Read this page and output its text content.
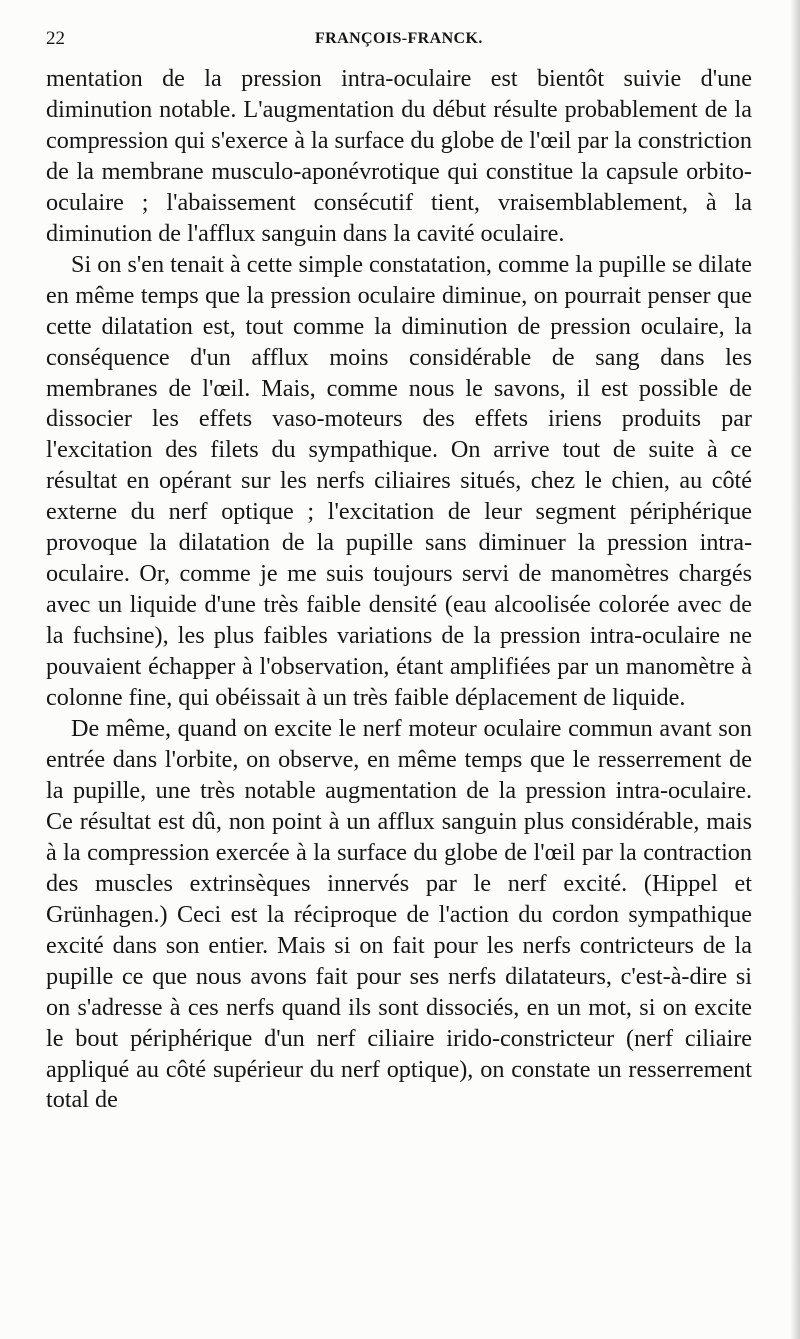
22	FRANÇOIS-FRANCK.

mentation de la pression intra-oculaire est bientôt suivie d'une diminution notable. L'augmentation du début résulte probablement de la compression qui s'exerce à la surface du globe de l'œil par la constriction de la membrane musculo-aponévrotique qui constitue la capsule orbito-oculaire ; l'abaissement consécutif tient, vraisemblablement, à la diminution de l'afflux sanguin dans la cavité oculaire.

Si on s'en tenait à cette simple constatation, comme la pupille se dilate en même temps que la pression oculaire diminue, on pourrait penser que cette dilatation est, tout comme la diminution de pression oculaire, la conséquence d'un afflux moins considérable de sang dans les membranes de l'œil. Mais, comme nous le savons, il est possible de dissocier les effets vaso-moteurs des effets iriens produits par l'excitation des filets du sympathique. On arrive tout de suite à ce résultat en opérant sur les nerfs ciliaires situés, chez le chien, au côté externe du nerf optique ; l'excitation de leur segment périphérique provoque la dilatation de la pupille sans diminuer la pression intra-oculaire. Or, comme je me suis toujours servi de manomètres chargés avec un liquide d'une très faible densité (eau alcoolisée colorée avec de la fuchsine), les plus faibles variations de la pression intra-oculaire ne pouvaient échapper à l'observation, étant amplifiées par un manomètre à colonne fine, qui obéissait à un très faible déplacement de liquide.

De même, quand on excite le nerf moteur oculaire commun avant son entrée dans l'orbite, on observe, en même temps que le resserrement de la pupille, une très notable augmentation de la pression intra-oculaire. Ce résultat est dû, non point à un afflux sanguin plus considérable, mais à la compression exercée à la surface du globe de l'œil par la contraction des muscles extrinsèques innervés par le nerf excité. (Hippel et Grünhagen.) Ceci est la réciproque de l'action du cordon sympathique excité dans son entier. Mais si on fait pour les nerfs contricteurs de la pupille ce que nous avons fait pour ses nerfs dilatateurs, c'est-à-dire si on s'adresse à ces nerfs quand ils sont dissociés, en un mot, si on excite le bout périphérique d'un nerf ciliaire irido-constricteur (nerf ciliaire appliqué au côté supérieur du nerf optique), on constate un resserrement total de
